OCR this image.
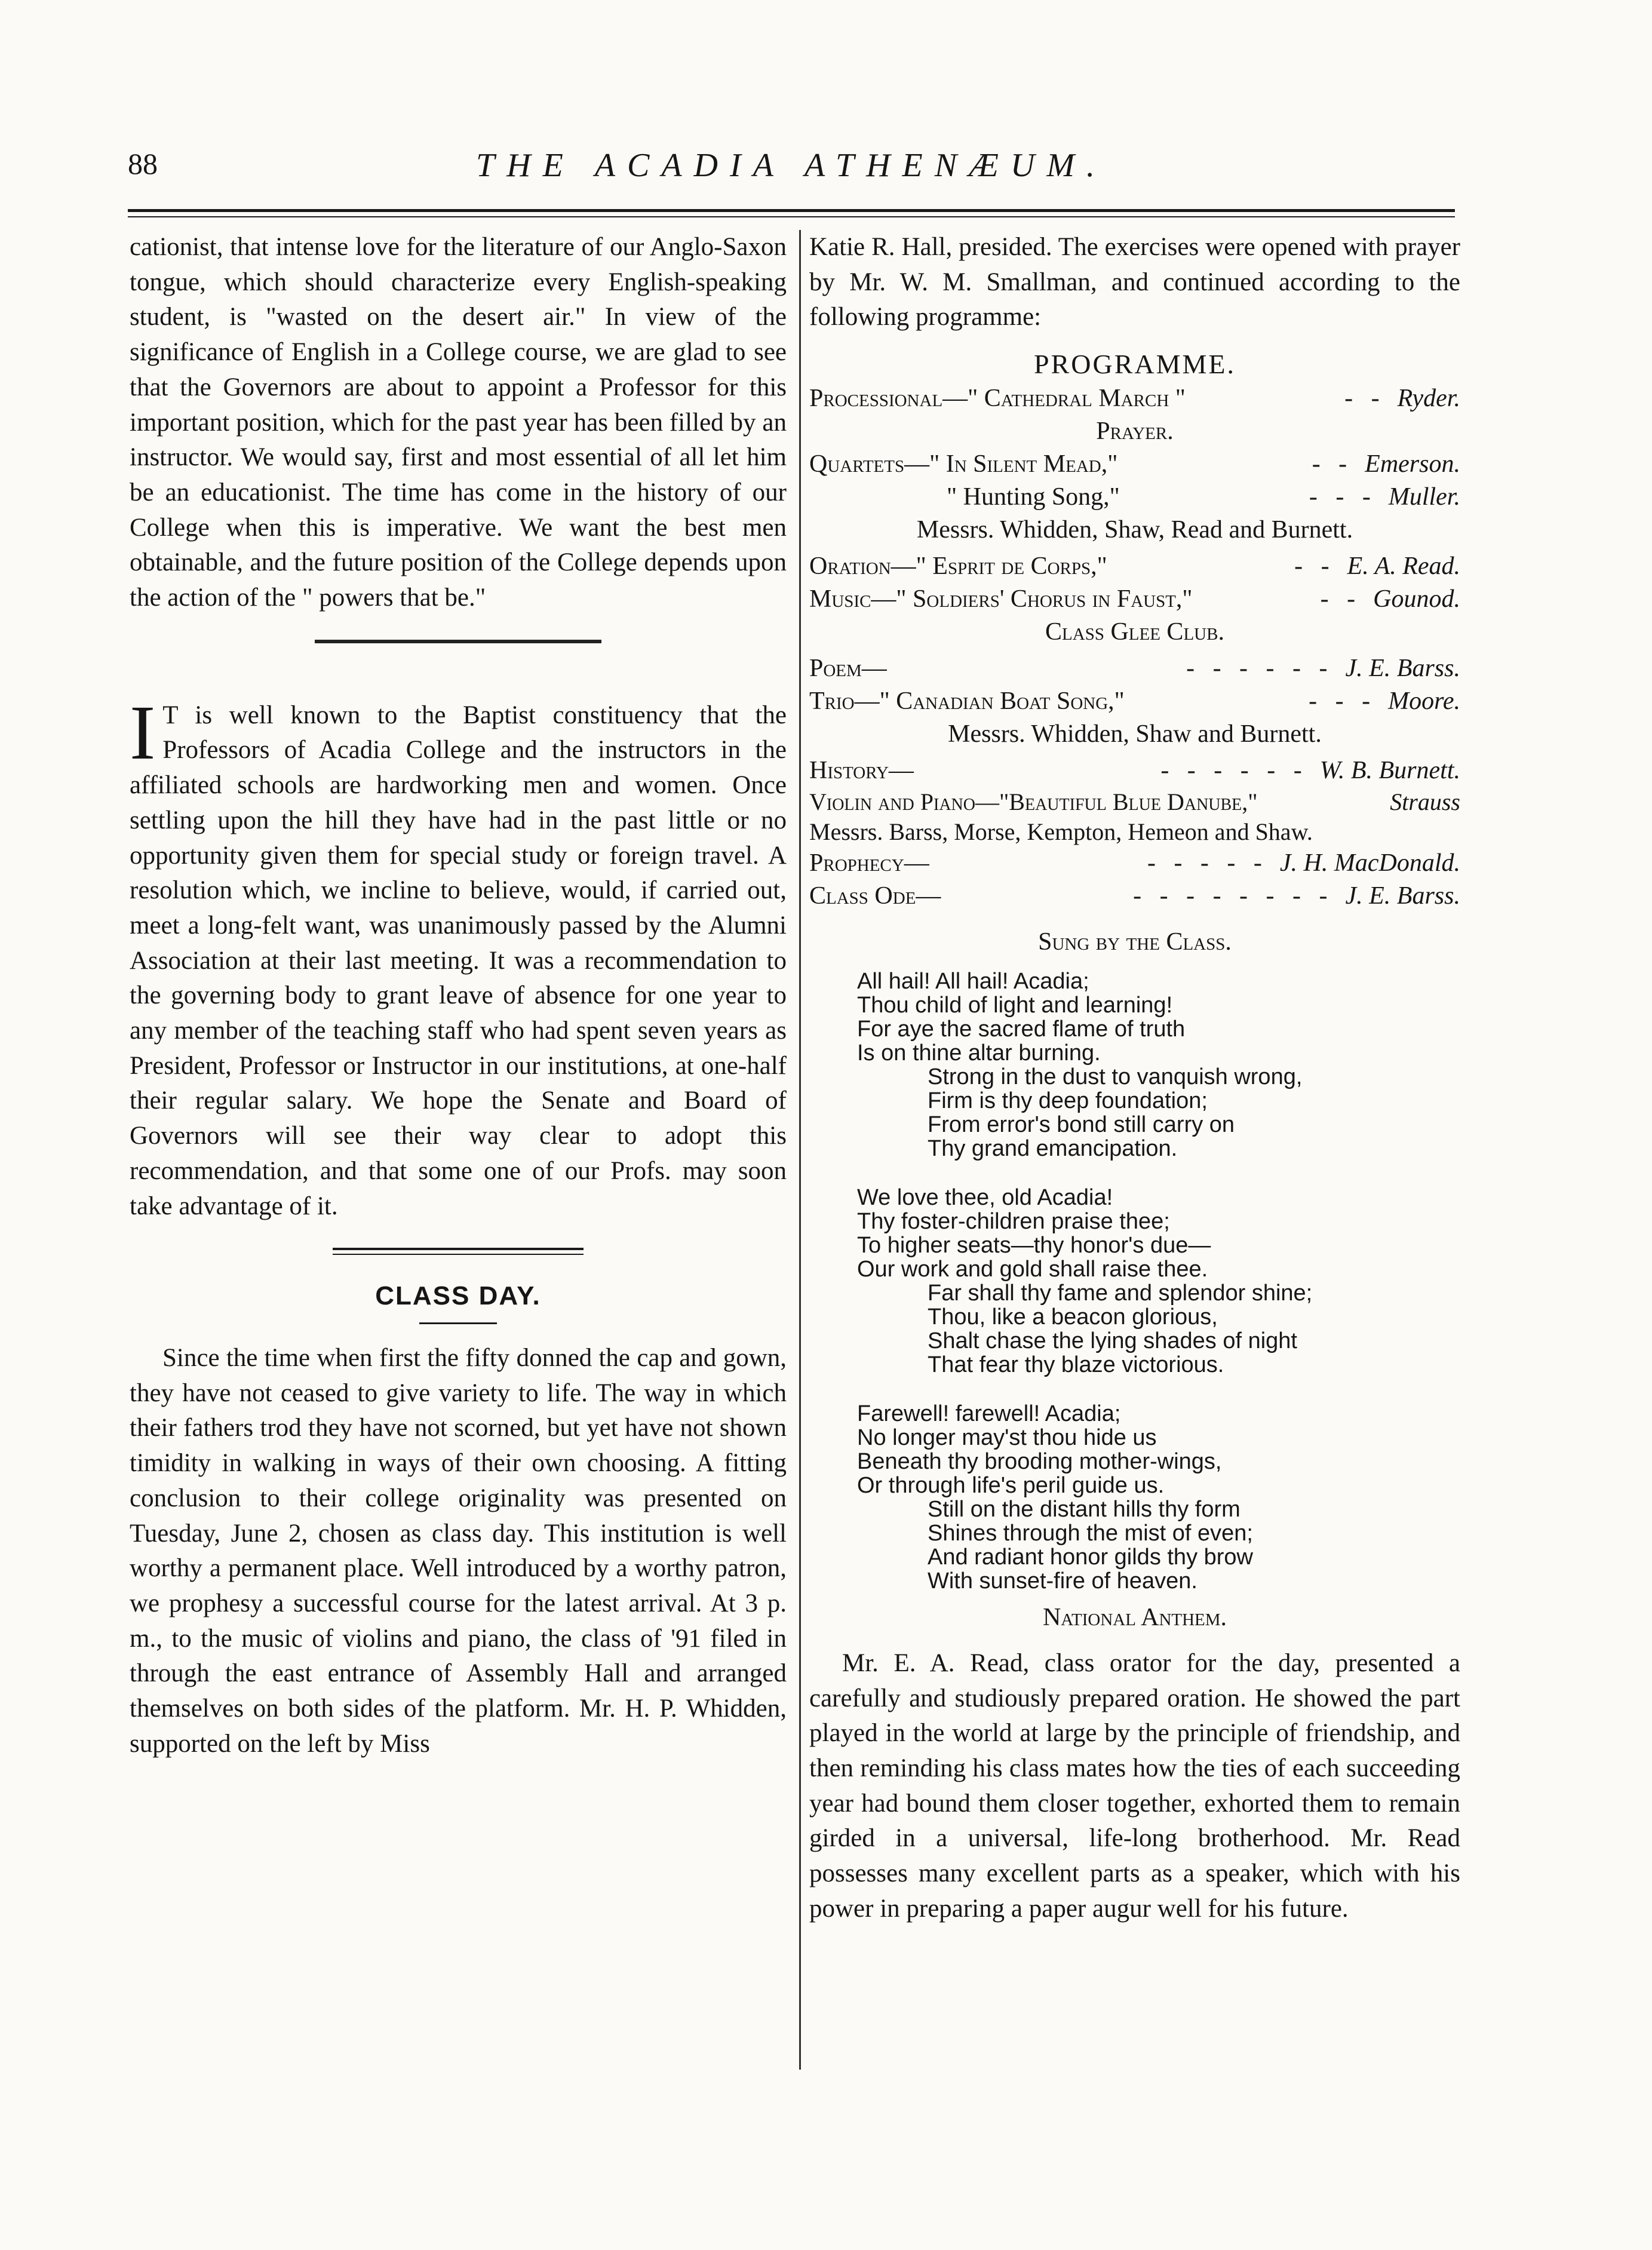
88	THE ACADIA ATHENÆUM.

cationist, that intense love for the literature of our Anglo-Saxon tongue, which should characterize every English-speaking student, is "wasted on the desert air." In view of the significance of English in a College course, we are glad to see that the Governors are about to appoint a Professor for this important position, which for the past year has been filled by an instructor. We would say, first and most essential of all let him be an educationist. The time has come in the history of our College when this is imperative. We want the best men obtainable, and the future position of the College depends upon the action of the " powers that be."

I T is well known to the Baptist constituency that the Professors of Acadia College and the instructors in the affiliated schools are hardworking men and women. Once settling upon the hill they have had in the past little or no opportunity given them for special study or foreign travel. A resolution which, we incline to believe, would, if carried out, meet a long-felt want, was unanimously passed by the Alumni Association at their last meeting. It was a recommendation to the governing body to grant leave of absence for one year to any member of the teaching staff who had spent seven years as President, Professor or Instructor in our institutions, at one-half their regular salary. We hope the Senate and Board of Governors will see their way clear to adopt this recommendation, and that some one of our Profs. may soon take advantage of it.

CLASS DAY.

Since the time when first the fifty donned the cap and gown, they have not ceased to give variety to life. The way in which their fathers trod they have not scorned, but yet have not shown timidity in walking in ways of their own choosing. A fitting conclusion to their college originality was presented on Tuesday, June 2, chosen as class day. This institution is well worthy a permanent place. Well introduced by a worthy patron, we prophesy a successful course for the latest arrival. At 3 p. m., to the music of violins and piano, the class of '91 filed in through the east entrance of Assembly Hall and arranged themselves on both sides of the platform. Mr. H. P. Whidden, supported on the left by Miss

Katie R. Hall, presided. The exercises were opened with prayer by Mr. W. M. Smallman, and continued according to the following programme:

PROGRAMME.
Processional—" Cathedral March "	- - Ryder.
Prayer.
Quartets—" In Silent Mead,"	- - Emerson.
" Hunting Song,"	- - - Muller.
Messrs. Whidden, Shaw, Read and Burnett.
Oration—" Esprit de Corps,"	- - E. A. Read.
Music—" Soldiers' Chorus in Faust,"	- - Gounod.
Class Glee Club.
Poem—	- - - - - - J. E. Barss.
Trio—" Canadian Boat Song,"	- - - Moore.
Messrs. Whidden, Shaw and Burnett.
History—	- - - - - - W. B. Burnett.
Violin and Piano—"Beautiful Blue Danube,"	Strauss
Messrs. Barss, Morse, Kempton, Hemeon and Shaw.
Prophecy—	- - - - - J. H. MacDonald.
Class Ode—	- - - - - - - - J. E. Barss.
Sung by the Class.
All hail! All hail! Acadia;
Thou child of light and learning!
For aye the sacred flame of truth
Is on thine altar burning.
Strong in the dust to vanquish wrong,
Firm is thy deep foundation;
From error's bond still carry on
Thy grand emancipation.
We love thee, old Acadia!
Thy foster-children praise thee;
To higher seats—thy honor's due—
Our work and gold shall raise thee.
Far shall thy fame and splendor shine;
Thou, like a beacon glorious,
Shalt chase the lying shades of night
That fear thy blaze victorious.
Farewell! farewell! Acadia;
No longer may'st thou hide us
Beneath thy brooding mother-wings,
Or through life's peril guide us.
Still on the distant hills thy form
Shines through the mist of even;
And radiant honor gilds thy brow
With sunset-fire of heaven.
National Anthem.

Mr. E. A. Read, class orator for the day, presented a carefully and studiously prepared oration. He showed the part played in the world at large by the principle of friendship, and then reminding his class mates how the ties of each succeeding year had bound them closer together, exhorted them to remain girded in a universal, life-long brotherhood. Mr. Read possesses many excellent parts as a speaker, which with his power in preparing a paper augur well for his future.
